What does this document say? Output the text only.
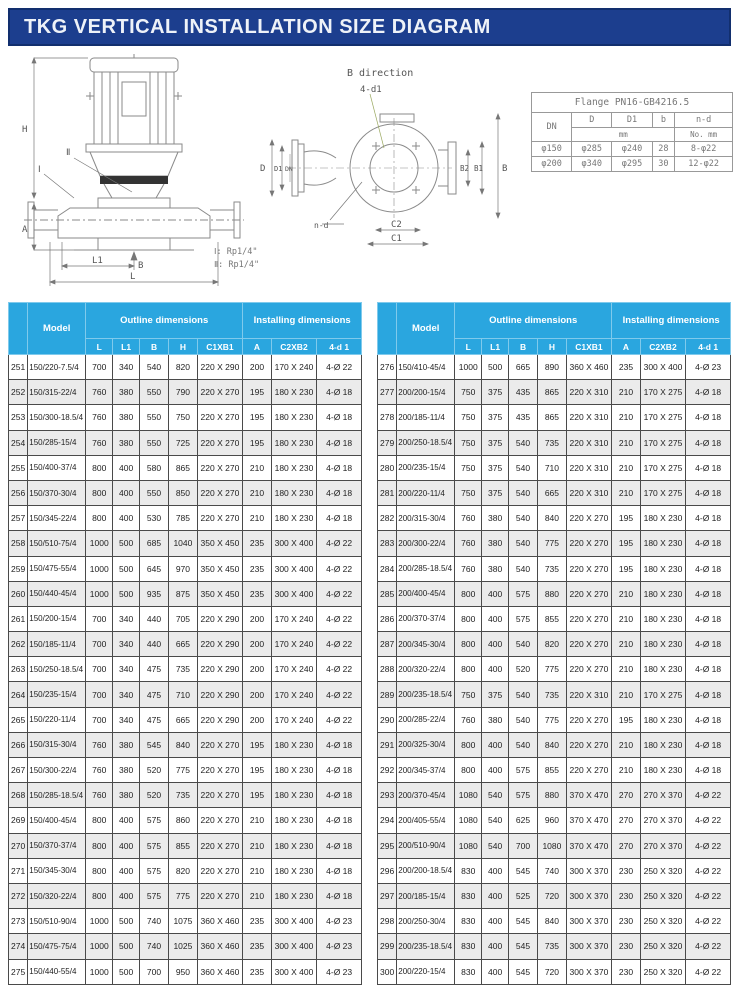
TKG VERTICAL INSTALLATION SIZE DIAGRAM
H
A
L1
L
B
Ⅰ
Ⅱ
B direction
4-d1
D D1 DN
n-d	C2
C1
B2 B1 B
Ⅰ: Rp1/4"
Ⅱ: Rp1/4"
Flange PN16-GB4216.5				
DN	D	D1	b	n-d
	mm			No. mm
φ150	φ285	φ240	28	8-φ22
φ200	φ340	φ295	30	12-φ22
	Model	Outline dimensions					Installing dimensions		
		L	L1	B	H	C1XB1	A	C2XB2	4-d 1
251	150/220-7.5/4	700	340	540	820	220 X 290	200	170 X 240	4-Ø 22
252	150/315-22/4	760	380	550	790	220 X 270	195	180 X 230	4-Ø 18
253	150/300-18.5/4	760	380	550	750	220 X 270	195	180 X 230	4-Ø 18
254	150/285-15/4	760	380	550	725	220 X 270	195	180 X 230	4-Ø 18
255	150/400-37/4	800	400	580	865	220 X 270	210	180 X 230	4-Ø 18
256	150/370-30/4	800	400	550	850	220 X 270	210	180 X 230	4-Ø 18
257	150/345-22/4	800	400	530	785	220 X 270	210	180 X 230	4-Ø 18
258	150/510-75/4	1000	500	685	1040	350 X 450	235	300 X 400	4-Ø 22
259	150/475-55/4	1000	500	645	970	350 X 450	235	300 X 400	4-Ø 22
260	150/440-45/4	1000	500	935	875	350 X 450	235	300 X 400	4-Ø 22
261	150/200-15/4	700	340	440	705	220 X 290	200	170 X 240	4-Ø 22
262	150/185-11/4	700	340	440	665	220 X 290	200	170 X 240	4-Ø 22
263	150/250-18.5/4	700	340	475	735	220 X 290	200	170 X 240	4-Ø 22
264	150/235-15/4	700	340	475	710	220 X 290	200	170 X 240	4-Ø 22
265	150/220-11/4	700	340	475	665	220 X 290	200	170 X 240	4-Ø 22
266	150/315-30/4	760	380	545	840	220 X 270	195	180 X 230	4-Ø 18
267	150/300-22/4	760	380	520	775	220 X 270	195	180 X 230	4-Ø 18
268	150/285-18.5/4	760	380	520	735	220 X 270	195	180 X 230	4-Ø 18
269	150/400-45/4	800	400	575	860	220 X 270	210	180 X 230	4-Ø 18
270	150/370-37/4	800	400	575	855	220 X 270	210	180 X 230	4-Ø 18
271	150/345-30/4	800	400	575	820	220 X 270	210	180 X 230	4-Ø 18
272	150/320-22/4	800	400	575	775	220 X 270	210	180 X 230	4-Ø 18
273	150/510-90/4	1000	500	740	1075	360 X 460	235	300 X 400	4-Ø 23
274	150/475-75/4	1000	500	740	1025	360 X 460	235	300 X 400	4-Ø 23
275	150/440-55/4	1000	500	700	950	360 X 460	235	300 X 400	4-Ø 23
	Model	Outline dimensions					Installing dimensions		
		L	L1	B	H	C1XB1	A	C2XB2	4-d 1
276	150/410-45/4	1000	500	665	890	360 X 460	235	300 X 400	4-Ø 23
277	200/200-15/4	750	375	435	865	220 X 310	210	170 X 275	4-Ø 18
278	200/185-11/4	750	375	435	865	220 X 310	210	170 X 275	4-Ø 18
279	200/250-18.5/4	750	375	540	735	220 X 310	210	170 X 275	4-Ø 18
280	200/235-15/4	750	375	540	710	220 X 310	210	170 X 275	4-Ø 18
281	200/220-11/4	750	375	540	665	220 X 310	210	170 X 275	4-Ø 18
282	200/315-30/4	760	380	540	840	220 X 270	195	180 X 230	4-Ø 18
283	200/300-22/4	760	380	540	775	220 X 270	195	180 X 230	4-Ø 18
284	200/285-18.5/4	760	380	540	735	220 X 270	195	180 X 230	4-Ø 18
285	200/400-45/4	800	400	575	880	220 X 270	210	180 X 230	4-Ø 18
286	200/370-37/4	800	400	575	855	220 X 270	210	180 X 230	4-Ø 18
287	200/345-30/4	800	400	540	820	220 X 270	210	180 X 230	4-Ø 18
288	200/320-22/4	800	400	520	775	220 X 270	210	180 X 230	4-Ø 18
289	200/235-18.5/4	750	375	540	735	220 X 310	210	170 X 275	4-Ø 18
290	200/285-22/4	760	380	540	775	220 X 270	195	180 X 230	4-Ø 18
291	200/325-30/4	800	400	540	840	220 X 270	210	180 X 230	4-Ø 18
292	200/345-37/4	800	400	575	855	220 X 270	210	180 X 230	4-Ø 18
293	200/370-45/4	1080	540	575	880	370 X 470	270	270 X 370	4-Ø 22
294	200/405-55/4	1080	540	625	960	370 X 470	270	270 X 370	4-Ø 22
295	200/510-90/4	1080	540	700	1080	370 X 470	270	270 X 370	4-Ø 22
296	200/200-18.5/4	830	400	545	740	300 X 370	230	250 X 320	4-Ø 22
297	200/185-15/4	830	400	525	720	300 X 370	230	250 X 320	4-Ø 22
298	200/250-30/4	830	400	545	840	300 X 370	230	250 X 320	4-Ø 22
299	200/235-18.5/4	830	400	545	735	300 X 370	230	250 X 320	4-Ø 22
300	200/220-15/4	830	400	545	720	300 X 370	230	250 X 320	4-Ø 22
